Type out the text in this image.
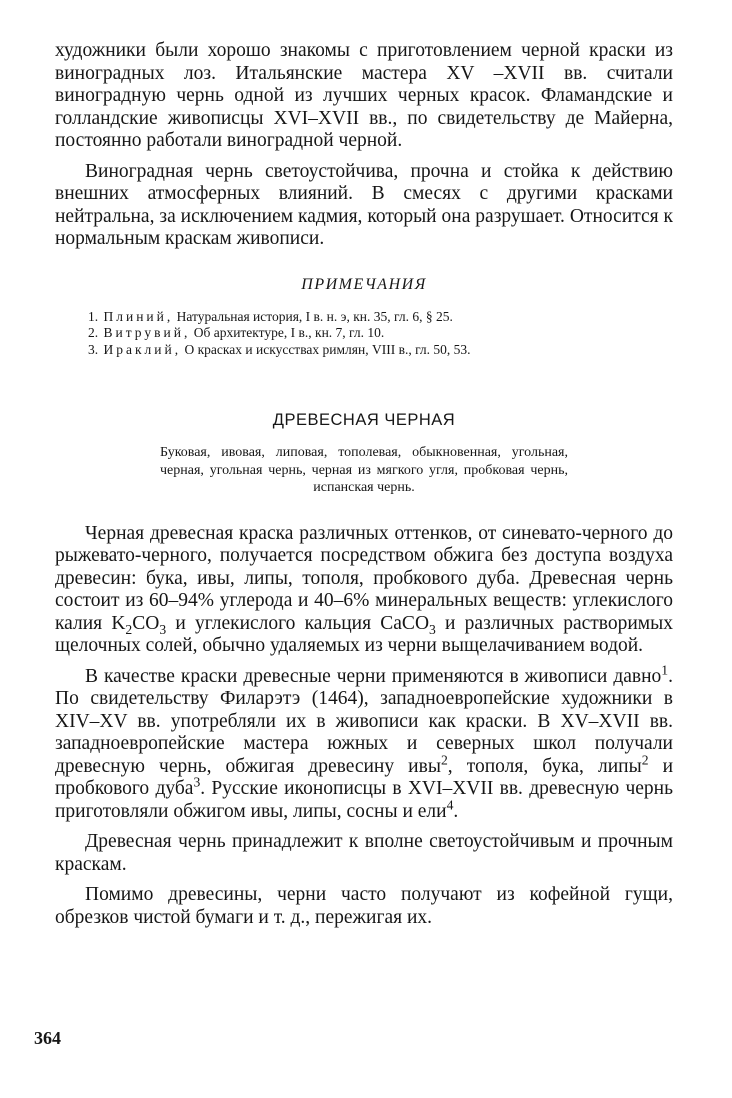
художники были хорошо знакомы с приготовлением черной краски из виноградных лоз. Итальянские мастера XV –XVII вв. считали виноградную чернь одной из лучших черных красок. Фламандские и голландские живописцы XVI–XVII вв., по свидетельству де Майерна, постоянно работали виноградной черной.

Виноградная чернь светоустойчива, прочна и стойка к действию внешних атмосферных влияний. В смесях с другими красками нейтральна, за исключением кадмия, который она разрушает. Относится к нормальным краскам живописи.

ПРИМЕЧАНИЯ
1. Плиний, Натуральная история, I в. н. э, кн. 35, гл. 6, § 25.
2. Витрувий, Об архитектуре, I в., кн. 7, гл. 10.
3. Ираклий, О красках и искусствах римлян, VIII в., гл. 50, 53.
ДРЕВЕСНАЯ ЧЕРНАЯ
Буковая, ивовая, липовая, тополевая, обыкновенная, угольная, черная, угольная чернь, черная из мягкого угля, пробковая чернь, испанская чернь.

Черная древесная краска различных оттенков, от синевато-черного до рыжевато-черного, получается посредством обжига без доступа воздуха древесин: бука, ивы, липы, тополя, пробкового дуба. Древесная чернь состоит из 60–94% углерода и 40–6% минеральных веществ: углекислого калия $K_2CO_3$ и углекислого кальция CaCO$_3$ и различных растворимых щелочных солей, обычно удаляемых из черни выщелачиванием водой.

В качестве краски древесные черни применяются в живописи давно$^1$. По свидетельству Филарэтэ (1464), западноевропейские художники в XIV–XV вв. употребляли их в живописи как краски. В XV–XVII вв. западноевропейские мастера южных и северных школ получали древесную чернь, обжигая древесину ивы$^2$, тополя, бука, липы$^2$ и пробкового дуба$^3$. Русские иконописцы в XVI–XVII вв. древесную чернь приготовляли обжигом ивы, липы, сосны и ели$^4$.

Древесная чернь принадлежит к вполне светоустойчивым и прочным краскам.

Помимо древесины, черни часто получают из кофейной гущи, обрезков чистой бумаги и т. д., пережигая их.

364
